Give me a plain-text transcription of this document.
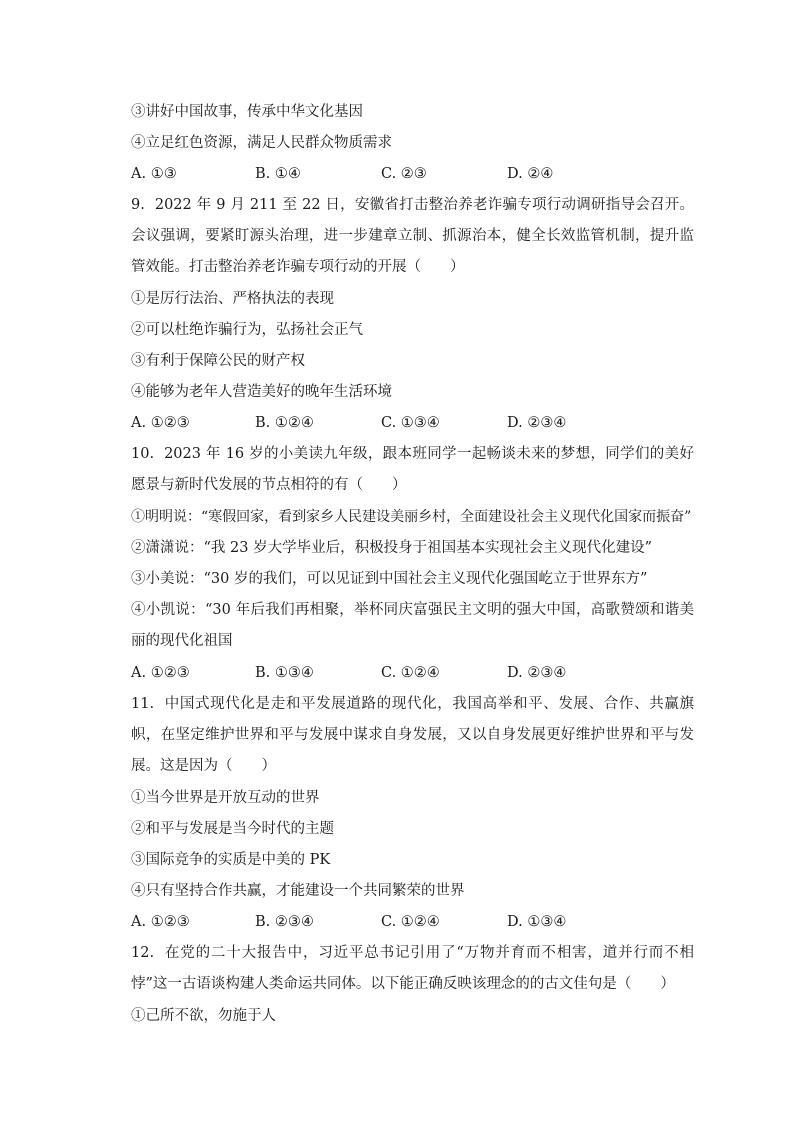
③讲好中国故事，传承中华文化基因
④立足红色资源，满足人民群众物质需求
A. ①③	B. ①④	C. ②③	D. ②④
9. 2022 年 9 月 211 至 22 日，安徽省打击整治养老诈骗专项行动调研指导会召开。会议强调，要紧盯源头治理，进一步建章立制、抓源治本，健全长效监管机制，提升监管效能。打击整治养老诈骗专项行动的开展（　　）
①是厉行法治、严格执法的表现
②可以杜绝诈骗行为，弘扬社会正气
③有利于保障公民的财产权
④能够为老年人营造美好的晚年生活环境
A. ①②③	B. ①②④	C. ①③④	D. ②③④
10. 2023 年 16 岁的小美读九年级，跟本班同学一起畅谈未来的梦想，同学们的美好愿景与新时代发展的节点相符的有（　　）
①明明说：“寒假回家，看到家乡人民建设美丽乡村，全面建设社会主义现代化国家而振奋”
②潇潇说：“我 23 岁大学毕业后，积极投身于祖国基本实现社会主义现代化建设”
③小美说：“30 岁的我们，可以见证到中国社会主义现代化强国屹立于世界东方”
④小凯说：“30 年后我们再相聚，举杯同庆富强民主文明的强大中国，高歌赞颂和谐美丽的现代化祖国
A. ①②③	B. ①③④	C. ①②④	D. ②③④
11. 中国式现代化是走和平发展道路的现代化，我国高举和平、发展、合作、共赢旗帜，在坚定维护世界和平与发展中谋求自身发展，又以自身发展更好维护世界和平与发展。这是因为（　　）
①当今世界是开放互动的世界
②和平与发展是当今时代的主题
③国际竞争的实质是中美的 PK
④只有坚持合作共赢，才能建设一个共同繁荣的世界
A. ①②③	B. ②③④	C. ①②④	D. ①③④
12. 在党的二十大报告中，习近平总书记引用了“万物并育而不相害，道并行而不相悖”这一古语谈构建人类命运共同体。以下能正确反映该理念的的古文佳句是（　　）
①己所不欲，勿施于人
